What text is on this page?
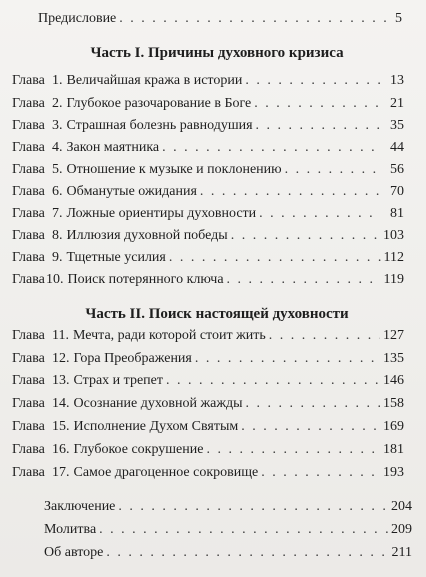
Предисловие . . .	5
Часть I. Причины духовного кризиса
Глава 1. Величайшая кража в истории . . .	13
Глава 2. Глубокое разочарование в Боге . . .	21
Глава 3. Страшная болезнь равнодушия . . .	35
Глава 4. Закон маятника . . .	44
Глава 5. Отношение к музыке и поклонению . . .	56
Глава 6. Обманутые ожидания . . .	70
Глава 7. Ложные ориентиры духовности . . .	81
Глава 8. Иллюзия духовной победы . . .	103
Глава 9. Тщетные усилия . . .	112
Глава 10. Поиск потерянного ключа . . .	119
Часть II. Поиск настоящей духовности
Глава 11. Мечта, ради которой стоит жить . . .	127
Глава 12. Гора Преображения . . .	135
Глава 13. Страх и трепет . . .	146
Глава 14. Осознание духовной жажды . . .	158
Глава 15. Исполнение Духом Святым . . .	169
Глава 16. Глубокое сокрушение . . .	181
Глава 17. Самое драгоценное сокровище . . .	193
Заключение . . .	204
Молитва . . .	209
Об авторе . . .	211
